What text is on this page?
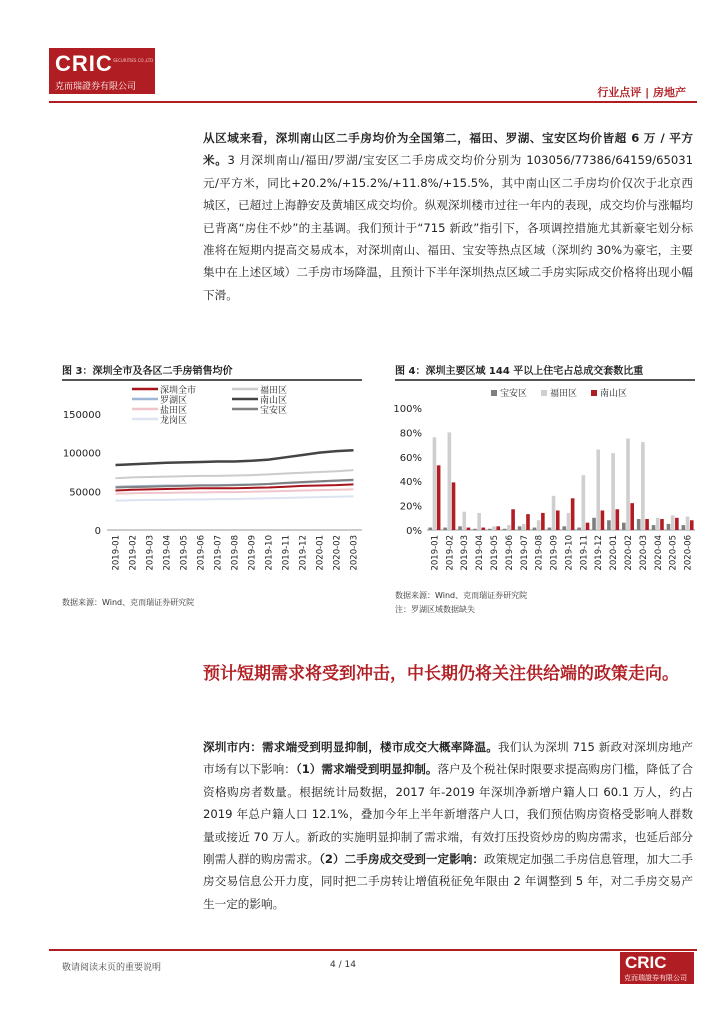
CRIC SECURITIES CO.,LTD
克而瑞證券有限公司	行业点评 | 房地产
从区域来看，深圳南山区二手房均价为全国第二，福田、罗湖、宝安区均价皆超 6 万 / 平方米。3 月深圳南山/福田/罗湖/宝安区二手房成交均价分别为 103056/77386/64159/65031 元/平方米，同比+20.2%/+15.2%/+11.8%/+15.5%，其中南山区二手房均价仅次于北京西城区，已超过上海静安及黄埔区成交均价。纵观深圳楼市过往一年内的表现，成交均价与涨幅均已背离“房住不炒”的主基调。我们预计于“715 新政”指引下，各项调控措施尤其新豪宅划分标准将在短期内提高交易成本，对深圳南山、福田、宝安等热点区域（深圳约 30%为豪宅，主要集中在上述区域）二手房市场降温，且预计下半年深圳热点区域二手房实际成交价格将出现小幅下滑。
图 3：深圳全市及各区二手房销售均价
0
50000
100000
150000
2019-01 2019-02 2019-03 2019-04 2019-05 2019-06 2019-07 2019-08 2019-09 2019-10 2019-11 2019-12 2020-01 2020-02 2020-03
深圳全市	福田区
罗湖区	南山区
盐田区	宝安区
龙岗区
数据来源：Wind、克而瑞证券研究院
图 4：深圳主要区域 144 平以上住宅占总成交套数比重
0%
20%
40%
60%
80%
100%
2019-01 2019-02 2019-03 2019-04 2019-05 2019-06 2019-07 2019-08 2019-09 2019-10 2019-11 2019-12 2020-01 2020-02 2020-03 2020-04 2020-05 2020-06
宝安区	福田区	南山区
数据来源：Wind、克而瑞证券研究院
注：罗湖区域数据缺失
预计短期需求将受到冲击，中长期仍将关注供给端的政策走向。
深圳市内：需求端受到明显抑制，楼市成交大概率降温。我们认为深圳 715 新政对深圳房地产市场有以下影响：（1）需求端受到明显抑制。落户及个税社保时限要求提高购房门槛，降低了合资格购房者数量。根据统计局数据，2017 年-2019 年深圳净新增户籍人口 60.1 万人，约占 2019 年总户籍人口 12.1%，叠加今年上半年新增落户人口，我们预估购房资格受影响人群数量或接近 70 万人。新政的实施明显抑制了需求端，有效打压投资炒房的购房需求，也延后部分刚需人群的购房需求。（2）二手房成交受到一定影响：政策规定加强二手房信息管理，加大二手房交易信息公开力度，同时把二手房转让增值税征免年限由 2 年调整到 5 年，对二手房交易产生一定的影响。
敬请阅读末页的重要说明	4 / 14	CRIC
克而瑞證券有限公司
